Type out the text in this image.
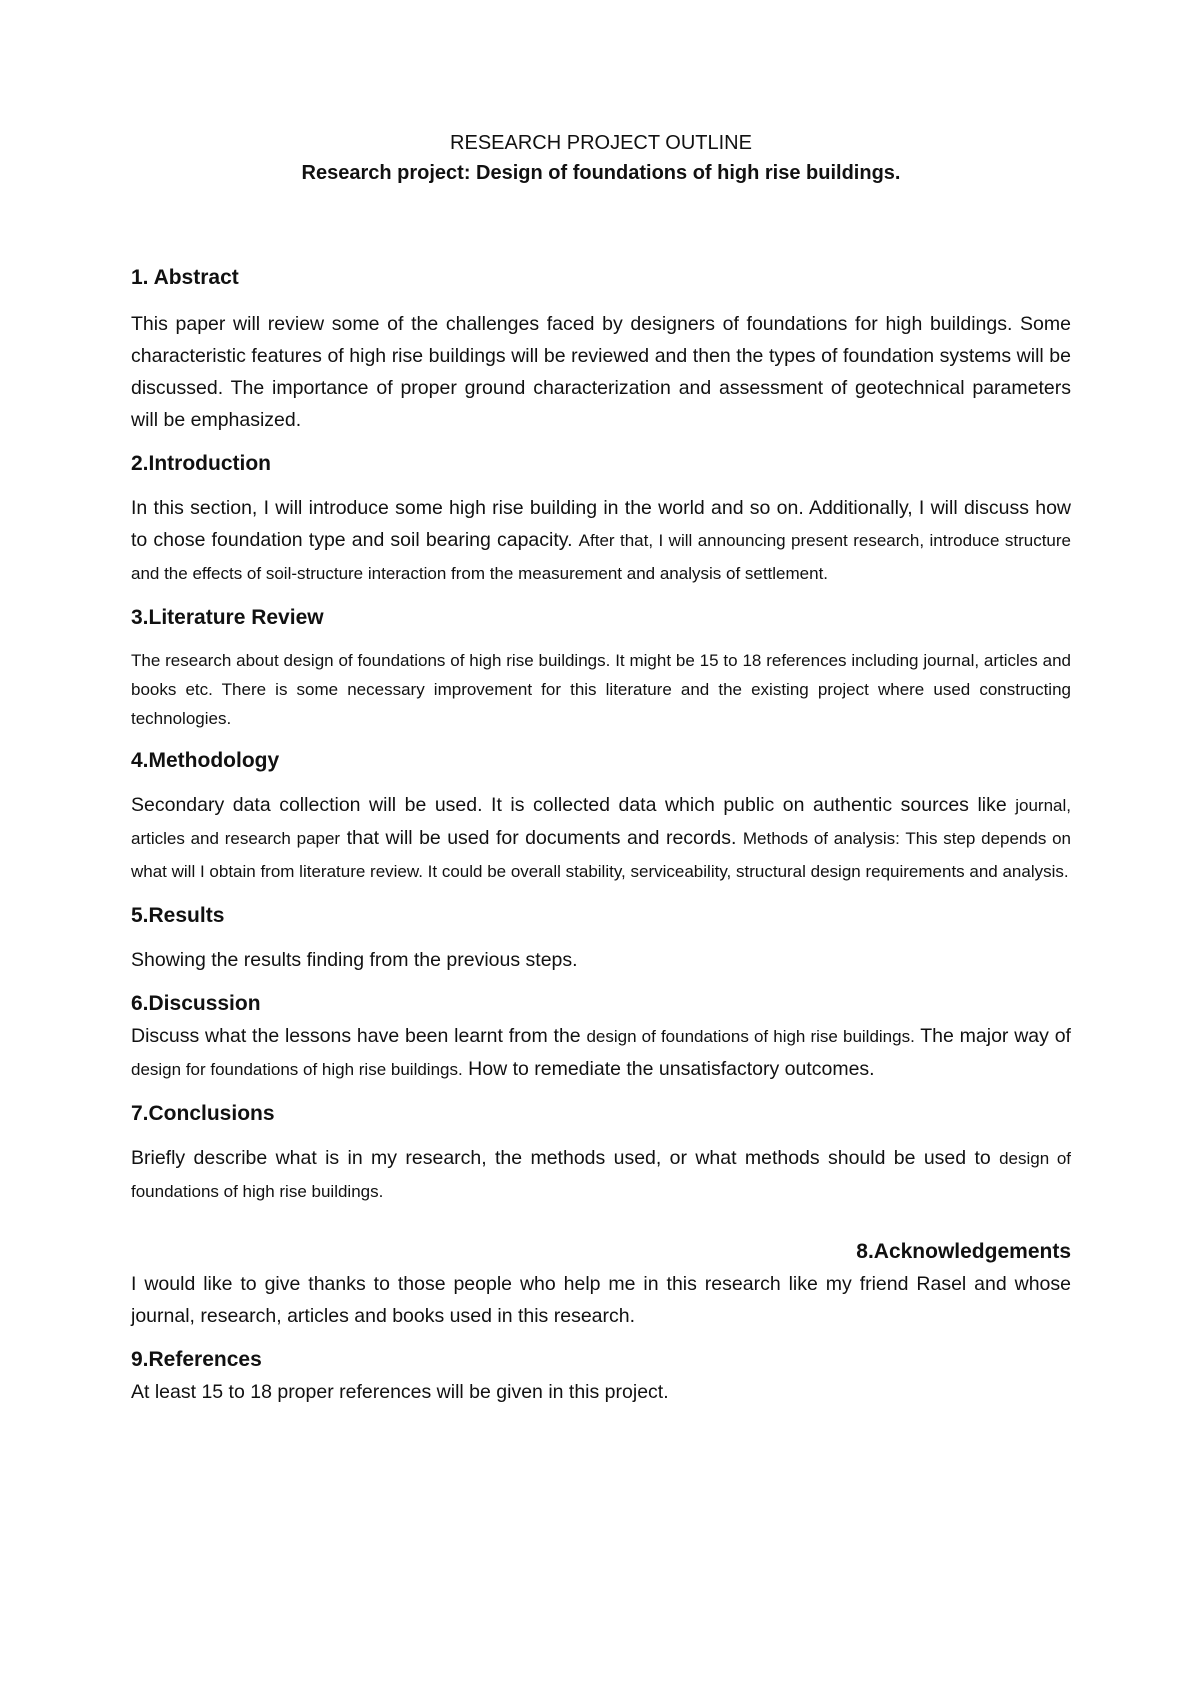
RESEARCH PROJECT OUTLINE

Research project: Design of foundations of high rise buildings.

1. Abstract

This paper will review some of the challenges faced by designers of foundations for high buildings. Some characteristic features of high rise buildings will be reviewed and then the types of foundation systems will be discussed. The importance of proper ground characterization and assessment of geotechnical parameters will be emphasized.

2.Introduction

In this section, I will introduce some high rise building in the world and so on. Additionally, I will discuss how to chose foundation type and soil bearing capacity. After that, I will announcing present research, introduce structure and the effects of soil-structure interaction from the measurement and analysis of settlement.

3.Literature Review

The research about design of foundations of high rise buildings. It might be 15 to 18 references including journal, articles and books etc. There is some necessary improvement for this literature and the existing project where used constructing technologies.

4.Methodology

Secondary data collection will be used. It is collected data which public on authentic sources like journal, articles and research paper that will be used for documents and records. Methods of analysis: This step depends on what will I obtain from literature review. It could be overall stability, serviceability, structural design requirements and analysis.

5.Results

Showing the results finding from the previous steps.

6.Discussion

Discuss what the lessons have been learnt from the design of foundations of high rise buildings. The major way of design for foundations of high rise buildings. How to remediate the unsatisfactory outcomes.

7.Conclusions

Briefly describe what is in my research, the methods used, or what methods should be used to design of foundations of high rise buildings.

8.Acknowledgements

I would like to give thanks to those people who help me in this research like my friend Rasel and whose journal, research, articles and books used in this research.

9.References

At least 15 to 18 proper references will be given in this project.
